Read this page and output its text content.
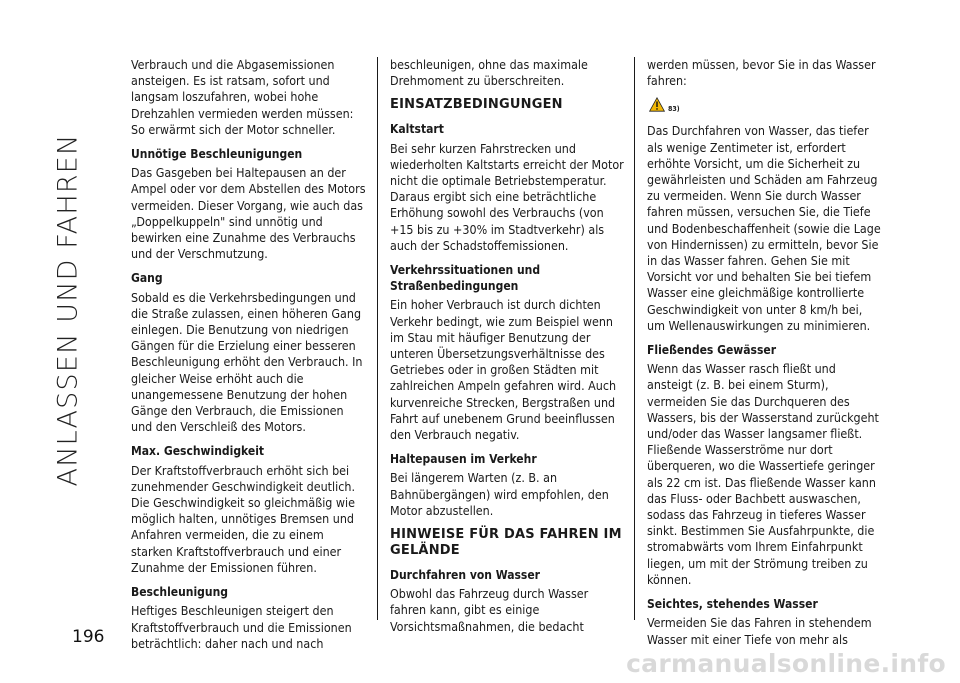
ANLASSEN UND FAHREN
196

Verbrauch und die Abgasemissionen ansteigen. Es ist ratsam, sofort und langsam loszufahren, wobei hohe Drehzahlen vermieden werden müssen: So erwärmt sich der Motor schneller.

Unnötige Beschleunigungen

Das Gasgeben bei Haltepausen an der Ampel oder vor dem Abstellen des Motors vermeiden. Dieser Vorgang, wie auch das „Doppelkuppeln" sind unnötig und bewirken eine Zunahme des Verbrauchs und der Verschmutzung.

Gang

Sobald es die Verkehrsbedingungen und die Straße zulassen, einen höheren Gang einlegen. Die Benutzung von niedrigen Gängen für die Erzielung einer besseren Beschleunigung erhöht den Verbrauch. In gleicher Weise erhöht auch die unangemessene Benutzung der hohen Gänge den Verbrauch, die Emissionen und den Verschleiß des Motors.

Max. Geschwindigkeit

Der Kraftstoffverbrauch erhöht sich bei zunehmender Geschwindigkeit deutlich. Die Geschwindigkeit so gleichmäßig wie möglich halten, unnötiges Bremsen und Anfahren vermeiden, die zu einem starken Kraftstoffverbrauch und einer Zunahme der Emissionen führen.

Beschleunigung

Heftiges Beschleunigen steigert den Kraftstoffverbrauch und die Emissionen beträchtlich: daher nach und nach

beschleunigen, ohne das maximale Drehmoment zu überschreiten.

EINSATZBEDINGUNGEN
Kaltstart

Bei sehr kurzen Fahrstrecken und wiederholten Kaltstarts erreicht der Motor nicht die optimale Betriebstemperatur. Daraus ergibt sich eine beträchtliche Erhöhung sowohl des Verbrauchs (von +15 bis zu +30% im Stadtverkehr) als auch der Schadstoffemissionen.

Verkehrssituationen und Straßenbedingungen

Ein hoher Verbrauch ist durch dichten Verkehr bedingt, wie zum Beispiel wenn im Stau mit häufiger Benutzung der unteren Übersetzungsverhältnisse des Getriebes oder in großen Städten mit zahlreichen Ampeln gefahren wird. Auch kurvenreiche Strecken, Bergstraßen und Fahrt auf unebenem Grund beeinflussen den Verbrauch negativ.

Haltepausen im Verkehr

Bei längerem Warten (z. B. an Bahnübergängen) wird empfohlen, den Motor abzustellen.

HINWEISE FÜR DAS FAHREN IM GELÄNDE
Durchfahren von Wasser

Obwohl das Fahrzeug durch Wasser fahren kann, gibt es einige Vorsichtsmaßnahmen, die bedacht

werden müssen, bevor Sie in das Wasser fahren:

83)

Das Durchfahren von Wasser, das tiefer als wenige Zentimeter ist, erfordert erhöhte Vorsicht, um die Sicherheit zu gewährleisten und Schäden am Fahrzeug zu vermeiden. Wenn Sie durch Wasser fahren müssen, versuchen Sie, die Tiefe und Bodenbeschaffenheit (sowie die Lage von Hindernissen) zu ermitteln, bevor Sie in das Wasser fahren. Gehen Sie mit Vorsicht vor und behalten Sie bei tiefem Wasser eine gleichmäßige kontrollierte Geschwindigkeit von unter 8 km/h bei, um Wellenauswirkungen zu minimieren.

Fließendes Gewässer

Wenn das Wasser rasch fließt und ansteigt (z. B. bei einem Sturm), vermeiden Sie das Durchqueren des Wassers, bis der Wasserstand zurückgeht und/oder das Wasser langsamer fließt. Fließende Wasserströme nur dort überqueren, wo die Wassertiefe geringer als 22 cm ist. Das fließende Wasser kann das Fluss- oder Bachbett auswaschen, sodass das Fahrzeug in tieferes Wasser sinkt. Bestimmen Sie Ausfahrpunkte, die stromabwärts vom Ihrem Einfahrpunkt liegen, um mit der Strömung treiben zu können.

Seichtes, stehendes Wasser

Vermeiden Sie das Fahren in stehendem Wasser mit einer Tiefe von mehr als

carmanualsonline.info
